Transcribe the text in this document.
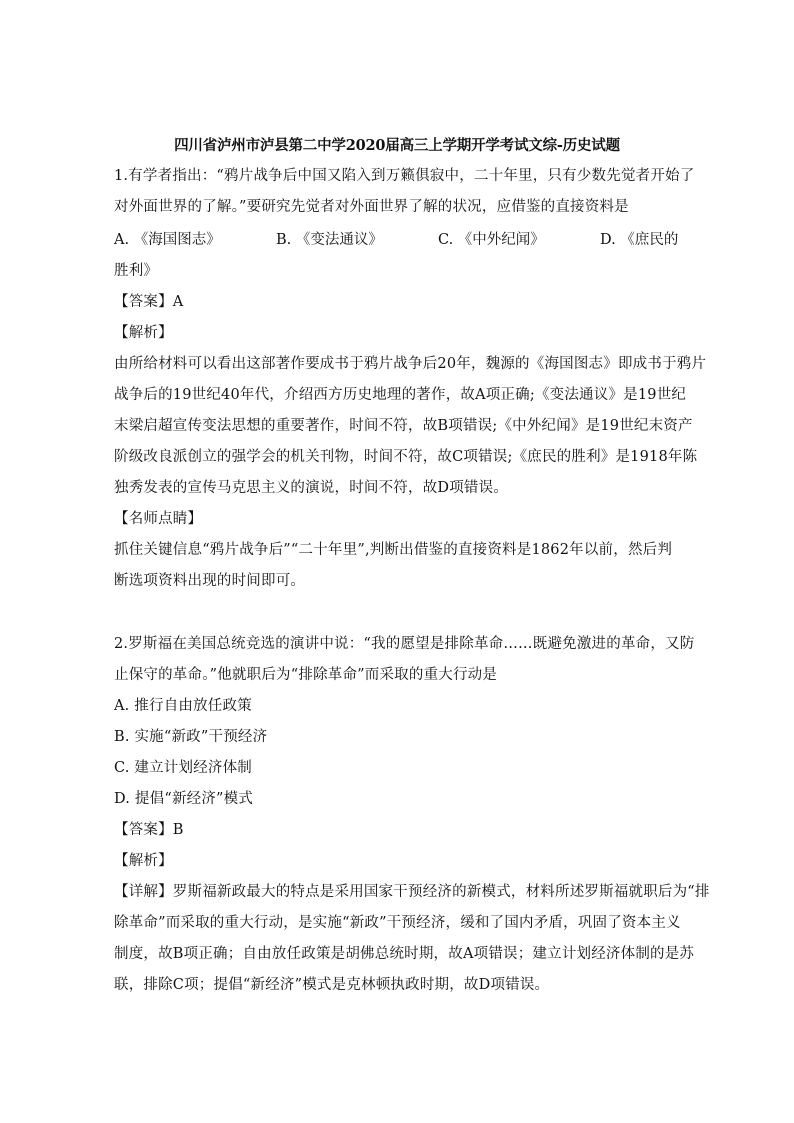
四川省泸州市泸县第二中学2020届高三上学期开学考试文综-历史试题
1.有学者指出：“鸦片战争后中国又陷入到万籁俱寂中，二十年里，只有少数先觉者开始了
对外面世界的了解。”要研究先觉者对外面世界了解的状况，应借鉴的直接资料是
A. 《海国图志》	B. 《变法通议》	C. 《中外纪闻》	D. 《庶民的
胜利》
【答案】A
【解析】
由所给材料可以看出这部著作要成书于鸦片战争后20年，魏源的《海国图志》即成书于鸦片
战争后的19世纪40年代，介绍西方历史地理的著作，故A项正确;《变法通议》是19世纪
末梁启超宣传变法思想的重要著作，时间不符，故B项错误;《中外纪闻》是19世纪末资产
阶级改良派创立的强学会的机关刊物，时间不符，故C项错误;《庶民的胜利》是1918年陈
独秀发表的宣传马克思主义的演说，时间不符，故D项错误。
【名师点睛】
抓住关键信息“鸦片战争后”“二十年里”,判断出借鉴的直接资料是1862年以前，然后判
断选项资料出现的时间即可。
2.罗斯福在美国总统竞选的演讲中说：“我的愿望是排除革命……既避免激进的革命，又防
止保守的革命。”他就职后为“排除革命”而采取的重大行动是
A. 推行自由放任政策
B. 实施“新政”干预经济
C. 建立计划经济体制
D. 提倡“新经济”模式
【答案】B
【解析】
【详解】罗斯福新政最大的特点是采用国家干预经济的新模式，材料所述罗斯福就职后为“排
除革命”而采取的重大行动，是实施“新政”干预经济，缓和了国内矛盾，巩固了资本主义
制度，故B项正确；自由放任政策是胡佛总统时期，故A项错误；建立计划经济体制的是苏
联，排除C项；提倡“新经济”模式是克林顿执政时期，故D项错误。
